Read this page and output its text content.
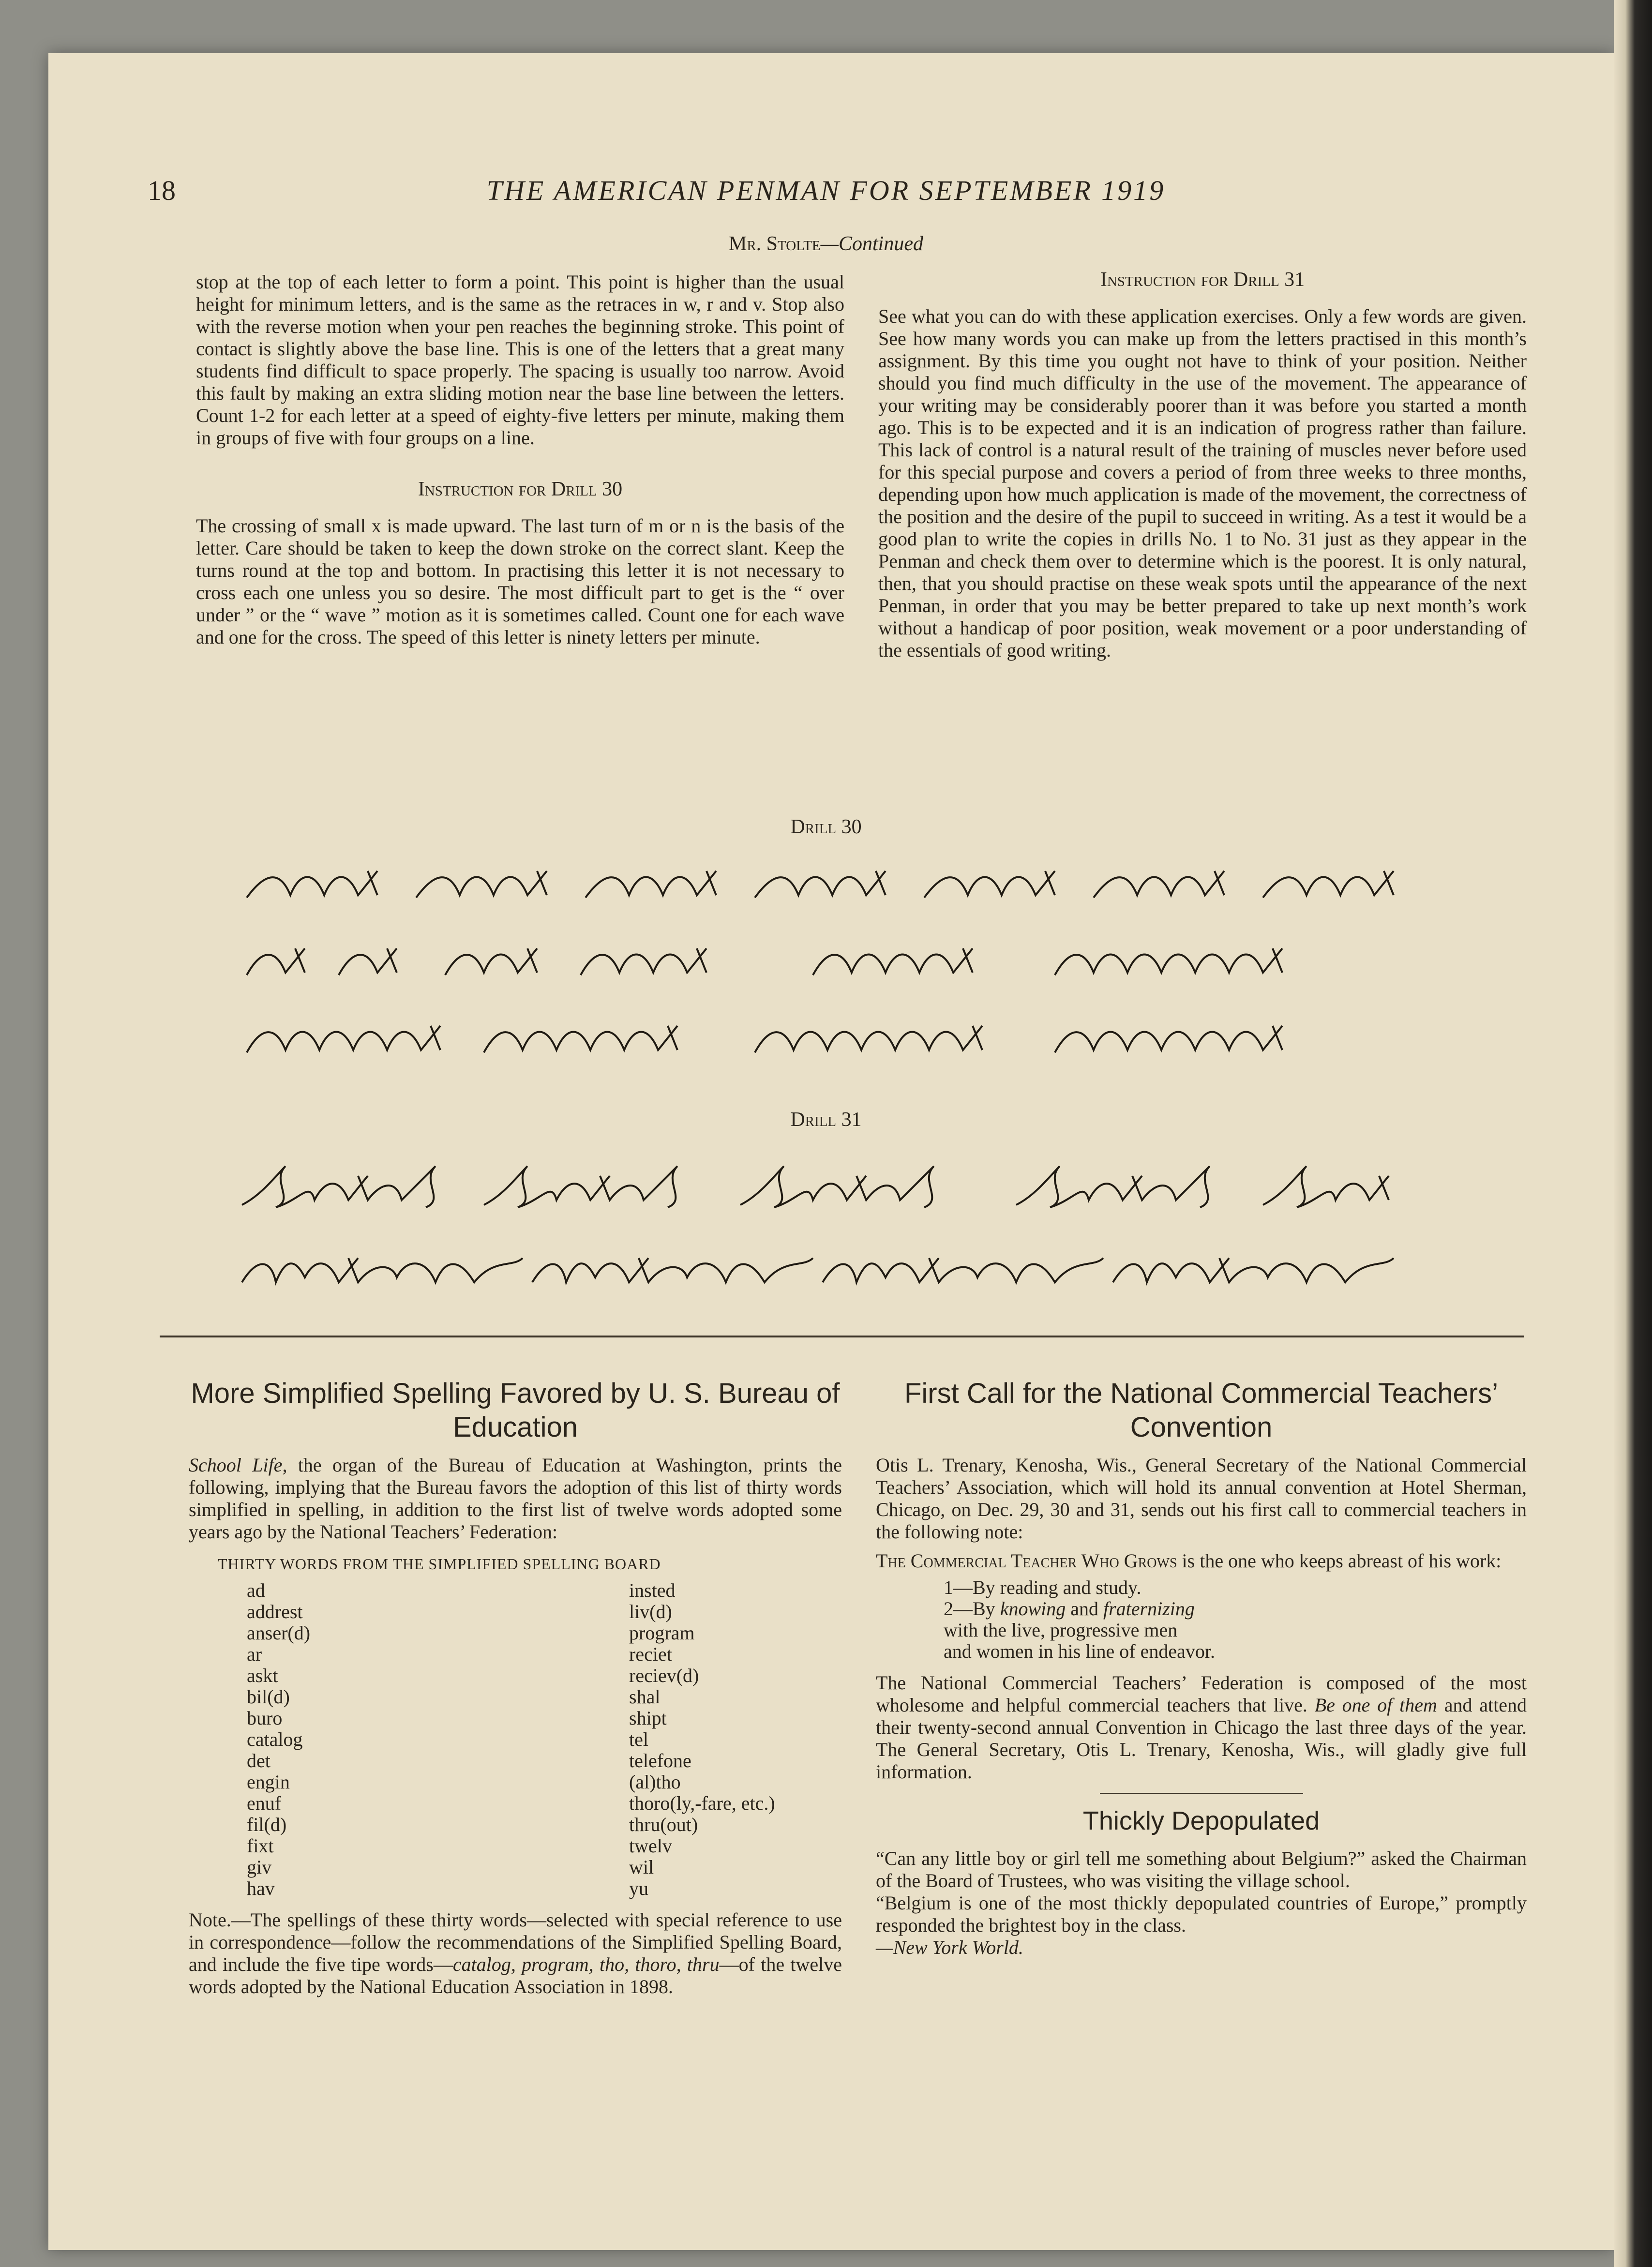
18	THE AMERICAN PENMAN FOR SEPTEMBER 1919
Mr. Stolte—Continued

stop at the top of each letter to form a point. This point is higher than the usual height for minimum letters, and is the same as the retraces in w, r and v. Stop also with the reverse motion when your pen reaches the beginning stroke. This point of contact is slightly above the base line. This is one of the letters that a great many students find difficult to space properly. The spacing is usually too narrow. Avoid this fault by making an extra sliding motion near the base line between the letters. Count 1-2 for each letter at a speed of eighty-five letters per minute, making them in groups of five with four groups on a line.

Instruction for Drill 30

The crossing of small x is made upward. The last turn of m or n is the basis of the letter. Care should be taken to keep the down stroke on the correct slant. Keep the turns round at the top and bottom. In practising this letter it is not necessary to cross each one unless you so desire. The most difficult part to get is the “ over under ” or the “ wave ” motion as it is sometimes called. Count one for each wave and one for the cross. The speed of this letter is ninety letters per minute.

Instruction for Drill 31

See what you can do with these application exercises. Only a few words are given. See how many words you can make up from the letters practised in this month’s assignment. By this time you ought not have to think of your position. Neither should you find much difficulty in the use of the movement. The appearance of your writing may be considerably poorer than it was before you started a month ago. This is to be expected and it is an indication of progress rather than failure. This lack of control is a natural result of the training of muscles never before used for this special purpose and covers a period of from three weeks to three months, depending upon how much application is made of the movement, the correctness of the position and the desire of the pupil to succeed in writing. As a test it would be a good plan to write the copies in drills No. 1 to No. 31 just as they appear in the Penman and check them over to determine which is the poorest. It is only natural, then, that you should practise on these weak spots until the appearance of the next Penman, in order that you may be better prepared to take up next month’s work without a handicap of poor position, weak movement or a poor understanding of the essentials of good writing.

Drill 30
Drill 31
More Simplified Spelling Favored by U. S. Bureau of Education

School Life, the organ of the Bureau of Education at Washington, prints the following, implying that the Bureau favors the adoption of this list of thirty words simplified in spelling, in addition to the first list of twelve words adopted some years ago by the National Teachers’ Federation:

THIRTY WORDS FROM THE SIMPLIFIED SPELLING BOARD
ad
addrest
anser(d)
ar
askt
bil(d)
buro
catalog
det
engin
enuf
fil(d)
fixt
giv
hav
insted
liv(d)
program
reciet
reciev(d)
shal
shipt
tel
telefone
(al)tho
thoro(ly,-fare, etc.)
thru(out)
twelv
wil
yu

Note.—The spellings of these thirty words—selected with special reference to use in correspondence—follow the recommendations of the Simplified Spelling Board, and include the five tipe words—catalog, program, tho, thoro, thru—of the twelve words adopted by the National Education Association in 1898.

First Call for the National Commercial Teachers’ Convention

Otis L. Trenary, Kenosha, Wis., General Secretary of the National Commercial Teachers’ Association, which will hold its annual convention at Hotel Sherman, Chicago, on Dec. 29, 30 and 31, sends out his first call to commercial teachers in the following note:

The Commercial Teacher Who Grows is the one who keeps abreast of his work:

1—By reading and study.
2—By knowing and fraternizing
with the live, progressive men
and women in his line of endeavor.

The National Commercial Teachers’ Federation is composed of the most wholesome and helpful commercial teachers that live. Be one of them and attend their twenty-second annual Convention in Chicago the last three days of the year. The General Secretary, Otis L. Trenary, Kenosha, Wis., will gladly give full information.

Thickly Depopulated

“Can any little boy or girl tell me something about Belgium?” asked the Chairman of the Board of Trustees, who was visiting the village school.

“Belgium is one of the most thickly depopulated countries of Europe,” promptly responded the brightest boy in the class.

—New York World.
